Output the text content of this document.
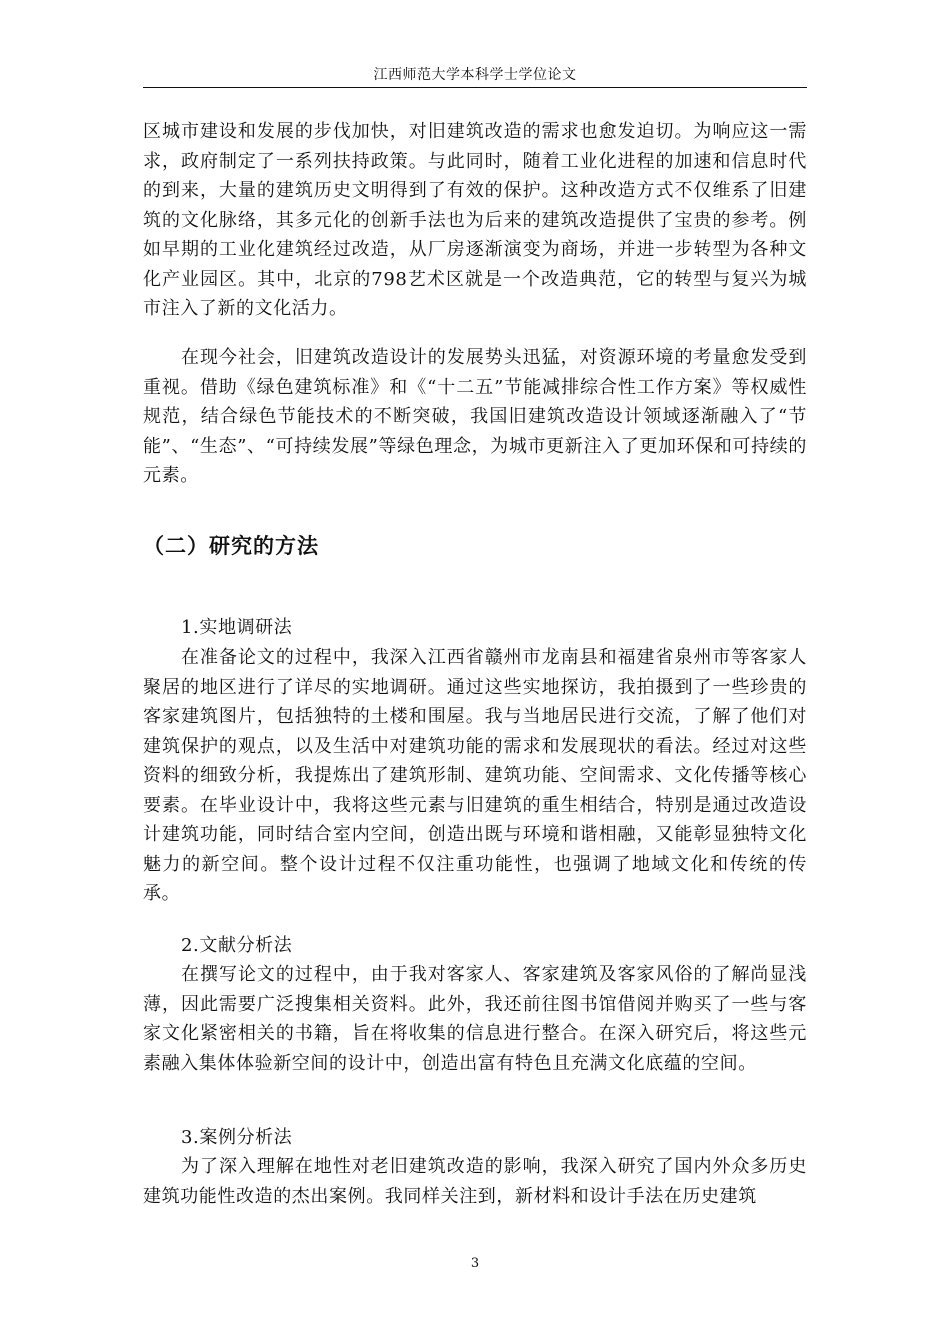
江西师范大学本科学士学位论文

区城市建设和发展的步伐加快，对旧建筑改造的需求也愈发迫切。为响应这一需求，政府制定了一系列扶持政策。与此同时，随着工业化进程的加速和信息时代的到来，大量的建筑历史文明得到了有效的保护。这种改造方式不仅维系了旧建筑的文化脉络，其多元化的创新手法也为后来的建筑改造提供了宝贵的参考。例如早期的工业化建筑经过改造，从厂房逐渐演变为商场，并进一步转型为各种文化产业园区。其中，北京的798艺术区就是一个改造典范，它的转型与复兴为城市注入了新的文化活力。

在现今社会，旧建筑改造设计的发展势头迅猛，对资源环境的考量愈发受到重视。借助《绿色建筑标准》和《“十二五”节能减排综合性工作方案》等权威性规范，结合绿色节能技术的不断突破，我国旧建筑改造设计领域逐渐融入了“节能”、“生态”、“可持续发展”等绿色理念，为城市更新注入了更加环保和可持续的元素。

（二）研究的方法

1.实地调研法

在准备论文的过程中，我深入江西省赣州市龙南县和福建省泉州市等客家人聚居的地区进行了详尽的实地调研。通过这些实地探访，我拍摄到了一些珍贵的客家建筑图片，包括独特的土楼和围屋。我与当地居民进行交流，了解了他们对建筑保护的观点，以及生活中对建筑功能的需求和发展现状的看法。经过对这些资料的细致分析，我提炼出了建筑形制、建筑功能、空间需求、文化传播等核心要素。在毕业设计中，我将这些元素与旧建筑的重生相结合，特别是通过改造设计建筑功能，同时结合室内空间，创造出既与环境和谐相融，又能彰显独特文化魅力的新空间。整个设计过程不仅注重功能性，也强调了地域文化和传统的传承。

2.文献分析法

在撰写论文的过程中，由于我对客家人、客家建筑及客家风俗的了解尚显浅薄，因此需要广泛搜集相关资料。此外，我还前往图书馆借阅并购买了一些与客家文化紧密相关的书籍，旨在将收集的信息进行整合。在深入研究后，将这些元素融入集体体验新空间的设计中，创造出富有特色且充满文化底蕴的空间。

3.案例分析法

为了深入理解在地性对老旧建筑改造的影响，我深入研究了国内外众多历史建筑功能性改造的杰出案例。我同样关注到，新材料和设计手法在历史建筑

3
